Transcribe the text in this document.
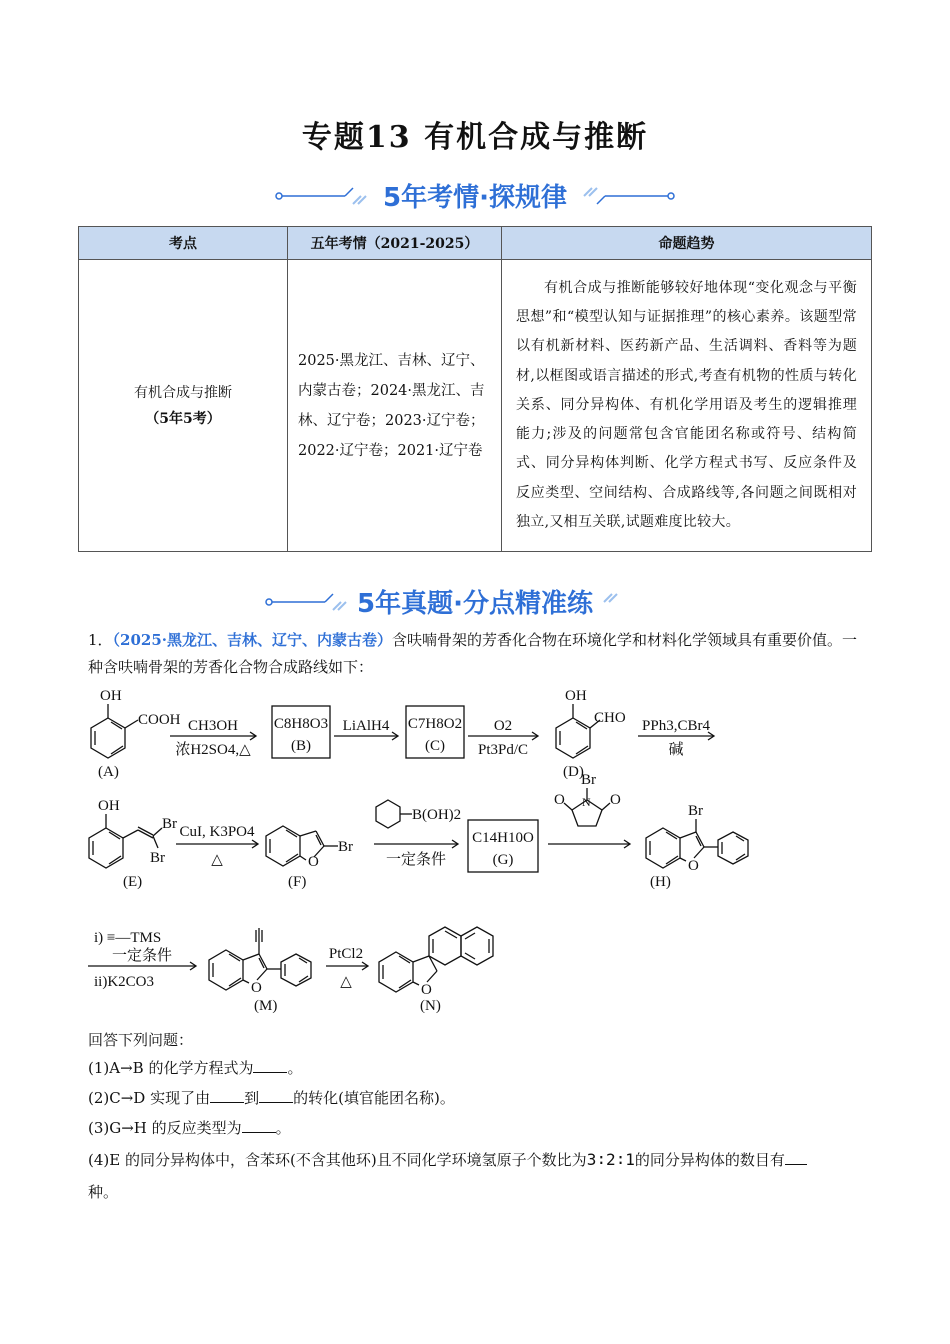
专题13 有机合成与推断
5年考情·探规律
考点	五年考情（2021-2025）	命题趋势

有机合成与推断
（5年5考）	2025·黑龙江、吉林、辽宁、内蒙古卷；2024·黑龙江、吉林、辽宁卷；2023·辽宁卷；2022·辽宁卷；2021·辽宁卷	有机合成与推断能够较好地体现“变化观念与平衡思想”和“模型认知与证据推理”的核心素养。该题型常以有机新材料、医药新产品、生活调料、香料等为题材,以框图或语言描述的形式,考查有机物的性质与转化关系、同分异构体、有机化学用语及考生的逻辑推理能力;涉及的问题常包含官能团名称或符号、结构简式、同分异构体判断、化学方程式书写、反应条件及反应类型、空间结构、合成路线等,各问题之间既相对独立,又相互关联,试题难度比较大。

5年真题·分点精准练
1．（2025·黑龙江、吉林、辽宁、内蒙古卷）含呋喃骨架的芳香化合物在环境化学和材料化学领域具有重要价值。一种含呋喃骨架的芳香化合物合成路线如下：
OH
COOH
(A)
CH3OH
浓H2SO4,△
C8H8O3
(B)
LiAlH4 C7H8O2
(C)
O2
Pt3Pd/C
OH
CHO
(D)
PPh3,CBr4
碱
OH
Br
Br
(E)
CuI, K3PO4
△	O
Br
(F)
B(OH)2
一定条件
C14H10O
(G)
Br
N
O	O
Br
O
(H)
i) ≡—TMS
一定条件
ii)K2CO3	O
(M)
PtCl2
△	O
(N)
回答下列问题：
(1)A→B 的化学方程式为 。
(2)C→D 实现了由 到 的转化(填官能团名称)。
(3)G→H 的反应类型为 。
(4)E 的同分异构体中，含苯环(不含其他环)且不同化学环境氢原子个数比为3∶2∶1的同分异构体的数目有
种。
